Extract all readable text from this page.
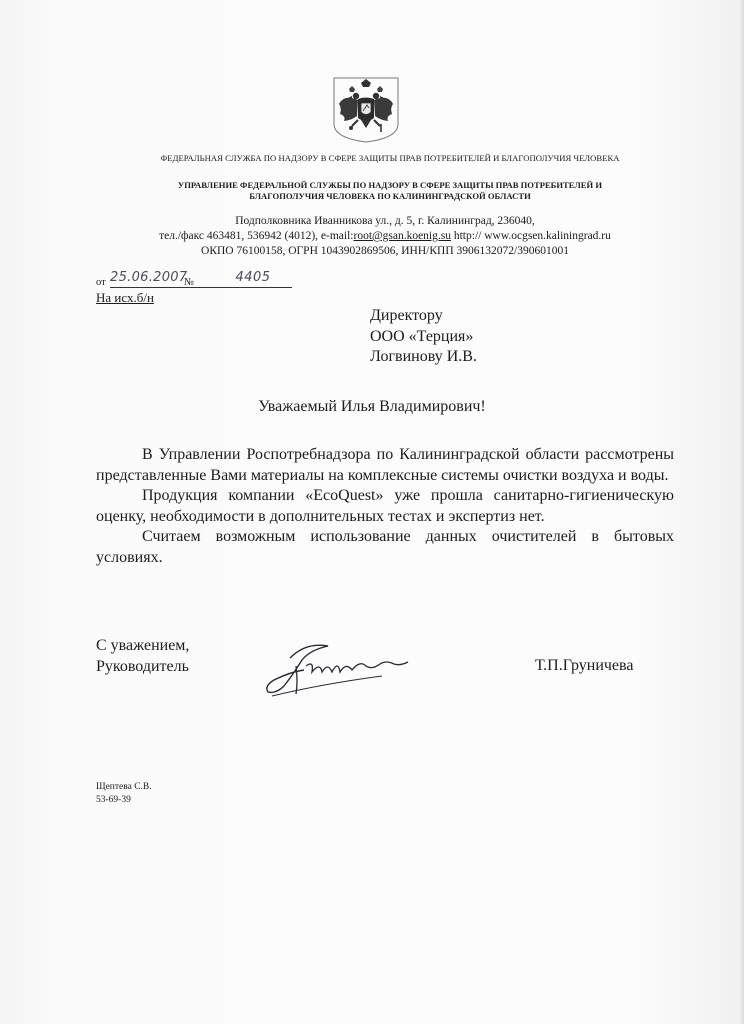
ФЕДЕРАЛЬНАЯ СЛУЖБА ПО НАДЗОРУ В СФЕРЕ ЗАЩИТЫ ПРАВ ПОТРЕБИТЕЛЕЙ И БЛАГОПОЛУЧИЯ ЧЕЛОВЕКА
УПРАВЛЕНИЕ ФЕДЕРАЛЬНОЙ СЛУЖБЫ ПО НАДЗОРУ В СФЕРЕ ЗАЩИТЫ ПРАВ ПОТРЕБИТЕЛЕЙ И
БЛАГОПОЛУЧИЯ ЧЕЛОВЕКА ПО КАЛИНИНГРАДСКОЙ ОБЛАСТИ
Подполковника Иванникова ул., д. 5, г. Калининград, 236040,
тел./факс 463481, 536942 (4012), e-mail:root@gsan.koenig.su http:// www.ocgsen.kaliningrad.ru
ОКПО 76100158, ОГРН 1043902869506, ИНН/КПП 3906132072/390601001
от 25.06.2007
№	4405
На исх.б/н
Директору
ООО «Терция»
Логвинову И.В.
Уважаемый Илья Владимирович!

В Управлении Роспотребнадзора по Калининградской области рассмотрены представленные Вами материалы на комплексные системы очистки воздуха и воды.

Продукция компании «EcoQuest» уже прошла санитарно-гигиеническую оценку, необходимости в дополнительных тестах и экспертиз нет.

Считаем возможным использование данных очистителей в бытовых условиях.

С уважением,
Руководитель	Т.П.Груничева
Щептева С.В.
53-69-39
